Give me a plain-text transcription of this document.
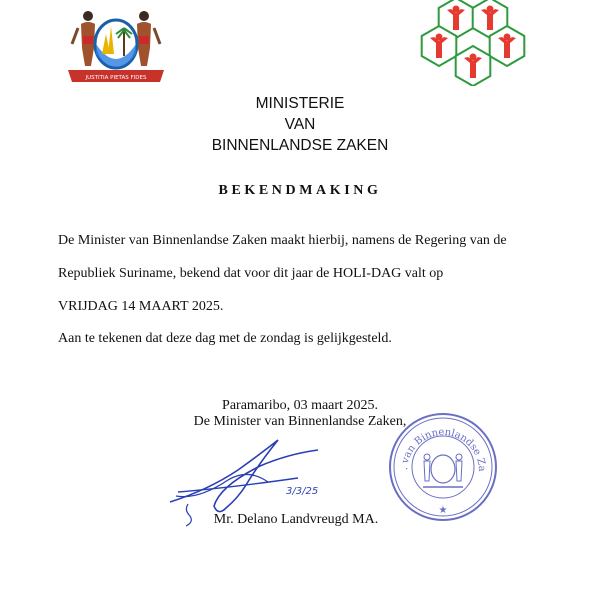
JUSTITIA PIETAS FIDES
MINISTERIE
VAN
BINNENLANDSE ZAKEN
BEKENDMAKING
De Minister van Binnenlandse Zaken maakt hierbij, namens de Regering van de
Republiek Suriname, bekend dat voor dit jaar de HOLI-DAG valt op
VRIJDAG 14 MAART 2025.
Aan te tekenen dat deze dag met de zondag is gelijkgesteld.
Paramaribo, 03 maart 2025.
De Minister van Binnenlandse Zaken,
3/3/25
Mr. Delano Landvreugd MA.
. van Binnenlandse Za
★
